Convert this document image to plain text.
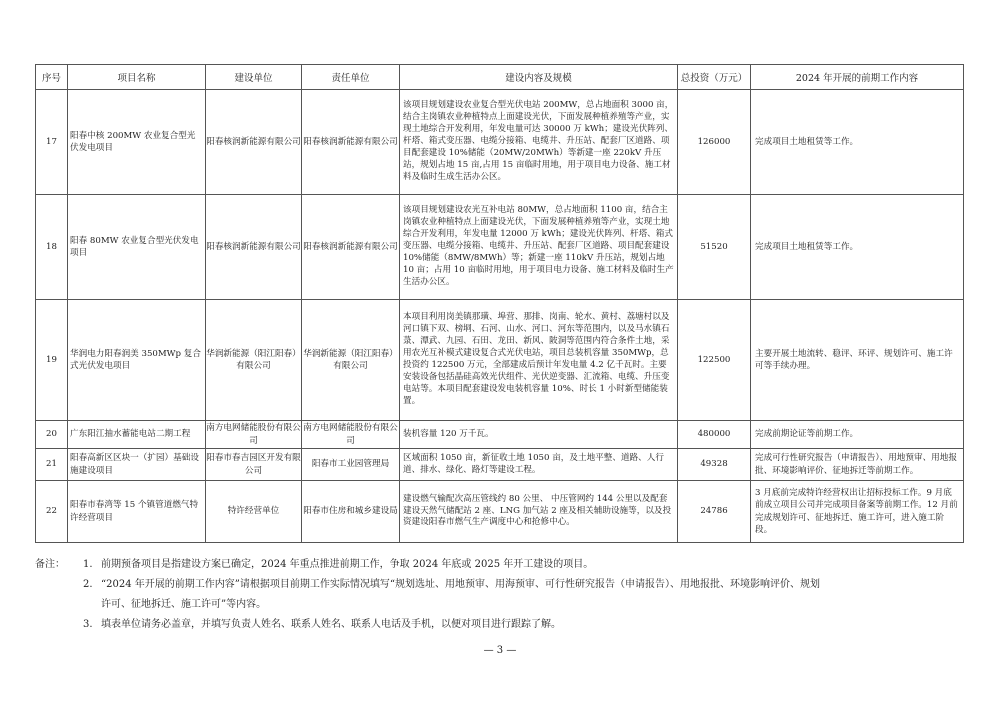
序号	项目名称	建设单位	责任单位	建设内容及规模	总投资（万元）	2024 年开展的前期工作内容
17	阳春中核 200MW 农业复合型光伏发电项目	阳春核润新能源有限公司	阳春核润新能源有限公司	该项目规划建设农业复合型光伏电站 200MW，总占地面积 3000 亩，结合主岗镇农业种植特点上面建设光伏，下面发展种植养殖等产业，实现土地综合开发利用，年发电量可达 30000 万 kWh；建设光伏阵列、杆塔、箱式变压器、电缆分接箱、电缆井、升压站、配套厂区道路、项目配套建设 10%储能（20MW/20MWh）等新建一座 220kV 升压站，规划占地 15 亩,占用 15 亩临时用地，用于项目电力设备、施工材料及临时生成生活办公区。	126000	完成项目土地租赁等工作。
18	阳春 80MW 农业复合型光伏发电项目	阳春核润新能源有限公司	阳春核润新能源有限公司	该项目规划建设农光互补电站 80MW，总占地面积 1100 亩，结合主岗镇农业种植特点上面建设光伏，下面发展种植养殖等产业，实现土地综合开发利用，年发电量 12000 万 kWh；建设光伏阵列、杆塔、箱式变压器、电缆分接箱、电缆井、升压站、配套厂区道路、项目配套建设 10%储能（8MW/8MWh）等；新建一座 110kV 升压站，规划占地 10 亩；占用 10 亩临时用地，用于项目电力设备、施工材料及临时生产生活办公区。	51520	完成项目土地租赁等工作。
19	华润电力阳春润美 350MWp 复合式光伏发电项目	华润新能源（阳江阳春）有限公司	华润新能源（阳江阳春）有限公司	本项目利用岗美镇那璜、埠营、那排、岗南、轮水、黄村、荔塘村以及河口镇下双、榜垌、石河、山水、河口、河东等范围内，以及马水镇石菉、潭武、九园、石田、龙田、新风、陂洞等范围内符合条件土地，采用农光互补模式建设复合式光伏电站，项目总装机容量 350MWp，总投资约 122500 万元，全部建成后预计年发电量 4.2 亿千瓦时。主要安装设备包括晶硅高效光伏组件、光伏逆变器、汇流箱、电缆、升压变电站等。本项目配套建设发电装机容量 10%、时长 1 小时新型储能装置。	122500	主要开展土地流转、稳评、环评、规划许可、施工许可等手续办理。
20	广东阳江抽水蓄能电站二期工程	南方电网储能股份有限公司	南方电网储能股份有限公司	装机容量 120 万千瓦。	480000	完成前期论证等前期工作。
21	阳春高新区区块一（扩园）基础设施建设项目	阳春市春吉园区开发有限公司	阳春市工业园管理局	区域面积 1050 亩，新征收土地 1050 亩，及土地平整、道路、人行道、排水、绿化、路灯等建设工程。	49328	完成可行性研究报告（申请报告）、用地预审、用地报批、环境影响评价、征地拆迁等前期工作。
22	阳春市春湾等 15 个镇管道燃气特许经营项目	特许经营单位	阳春市住房和城乡建设局	建设燃气输配次高压管线约 80 公里、 中压管网约 144 公里以及配套建设天然气储配站 2 座、LNG 加气站 2 座及相关辅助设施等，以及投资建设阳春市燃气生产调度中心和抢修中心。	24786	3 月底前完成特许经营权出让招标投标工作。9 月底前成立项目公司并完成项目备案等前期工作。12 月前完成规划许可、征地拆迁、施工许可，进入施工阶段。
备注：	1. 前期预备项目是指建设方案已确定，2024 年重点推进前期工作，争取 2024 年底或 2025 年开工建设的项目。
2. “2024 年开展的前期工作内容”请根据项目前期工作实际情况填写“规划选址、用地预审、用海预审、可行性研究报告（申请报告）、用地报批、环境影响评价、规划
许可、征地拆迁、施工许可”等内容。
3. 填表单位请务必盖章，并填写负责人姓名、联系人姓名、联系人电话及手机，以便对项目进行跟踪了解。
— 3 —
